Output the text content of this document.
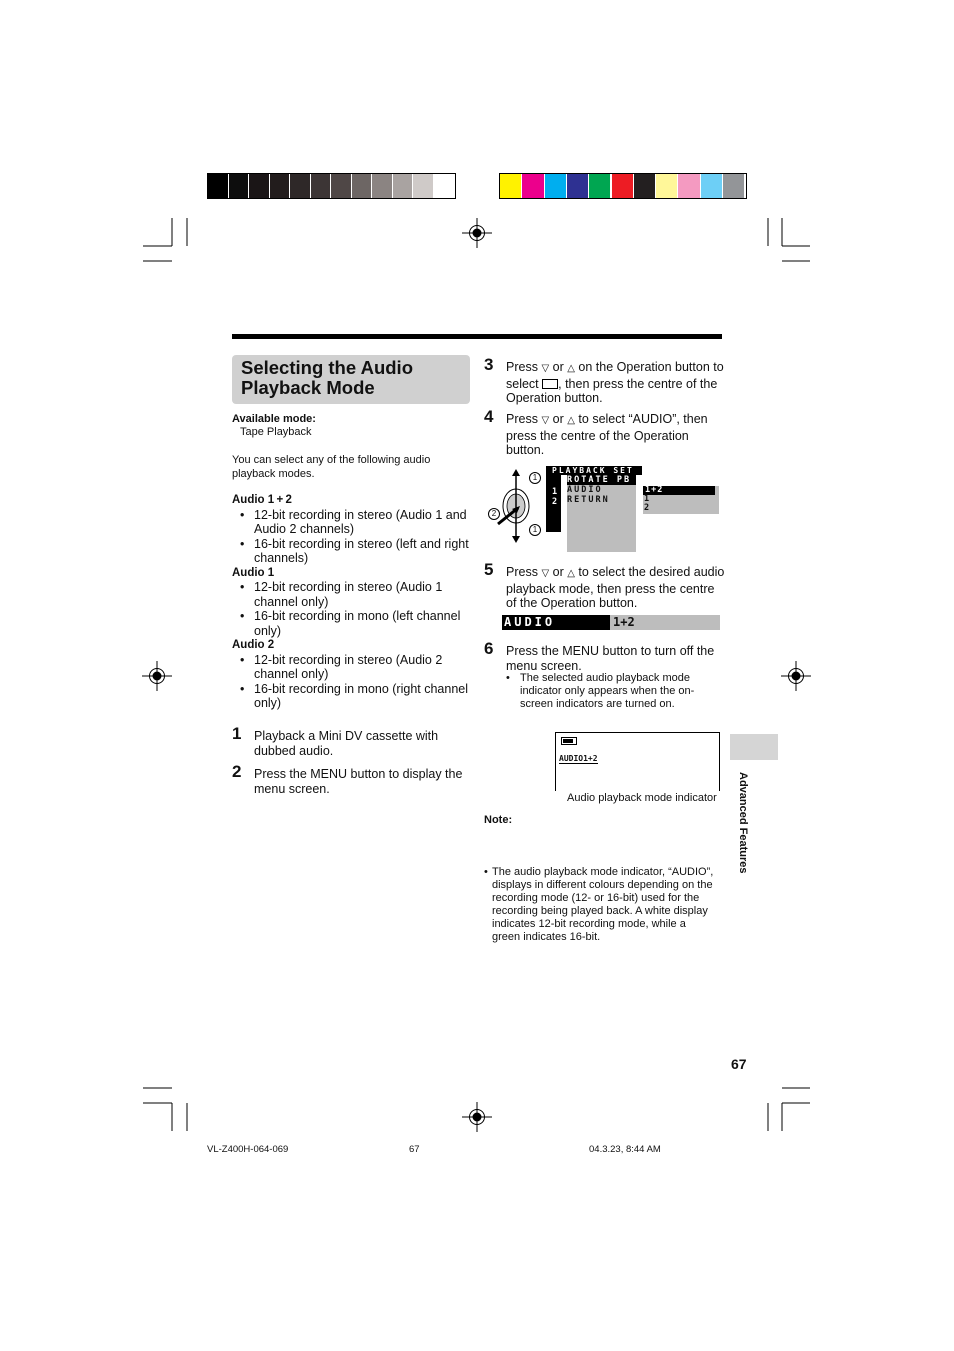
Selecting the Audio Playback Mode
Available mode:
Tape Playback
You can select any of the following audio playback modes.
Audio 1 + 2
• 12-bit recording in stereo (Audio 1 and Audio 2 channels)
• 16-bit recording in stereo (left and right channels)
Audio 1
• 12-bit recording in stereo (Audio 1 channel only)
• 16-bit recording in mono (left channel only)
Audio 2
• 12-bit recording in stereo (Audio 2 channel only)
• 16-bit recording in mono (right channel only)
1 Playback a Mini DV cassette with dubbed audio.
2 Press the MENU button to display the menu screen.
3 Press ▽ or △ on the Operation button to select , then press the centre of the Operation button.
4 Press ▽ or △ to select “AUDIO”, then press the centre of the Operation button.
PLAYBACK SET
ROTATE PB
AUDIO
RETURN
1
2
1+2
1
2
1
2
1
5 Press ▽ or △ to select the desired audio playback mode, then press the centre of the Operation button.
AUDIO	1+2
6 Press the MENU button to turn off the menu screen.
• The selected audio playback mode indicator only appears when the on-screen indicators are turned on.
AUDIO1+2
Audio playback mode indicator
Note:
• The audio playback mode indicator, “AUDIO”, displays in different colours depending on the recording mode (12- or 16-bit) used for the recording being played back. A white display indicates 12-bit recording mode, while a green indicates 16-bit.
Advanced Features
67
VL-Z400H-064-069	67	04.3.23, 8:44 AM
